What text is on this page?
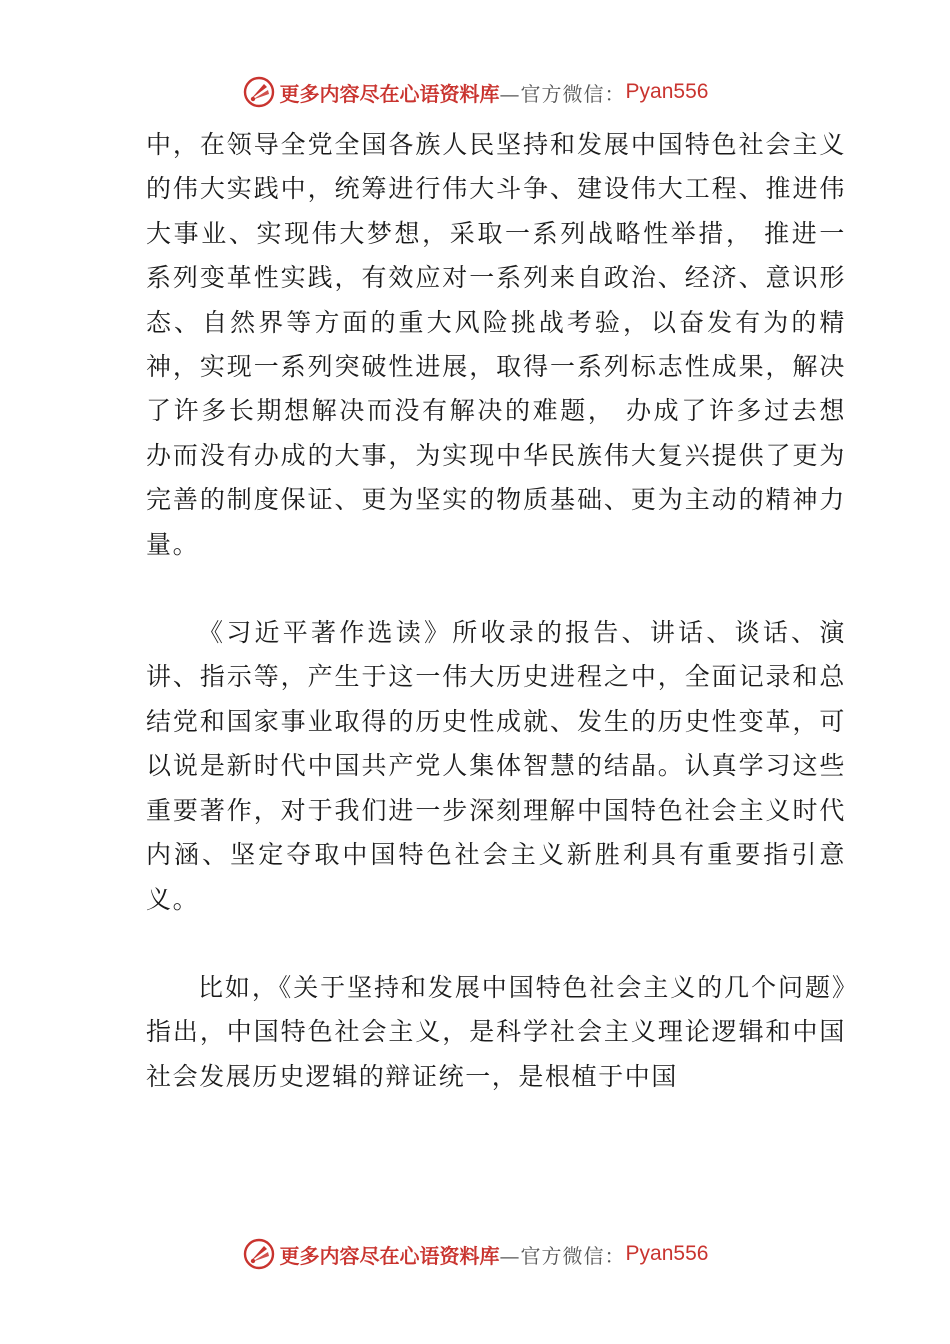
更多内容尽在心语资料库 —官方微信： Pyan556

中，在领导全党全国各族人民坚持和发展中国特色社会主义的伟大实践中，统筹进行伟大斗争、建设伟大工程、推进伟大事业、实现伟大梦想，采取一系列战略性举措， 推进一系列变革性实践，有效应对一系列来自政治、经济、意识形态、自然界等方面的重大风险挑战考验，以奋发有为的精神，实现一系列突破性进展，取得一系列标志性成果，解决了许多长期想解决而没有解决的难题， 办成了许多过去想办而没有办成的大事，为实现中华民族伟大复兴提供了更为完善的制度保证、更为坚实的物质基础、更为主动的精神力量。

《习近平著作选读》所收录的报告、讲话、谈话、演讲、指示等，产生于这一伟大历史进程之中，全面记录和总结党和国家事业取得的历史性成就、发生的历史性变革，可以说是新时代中国共产党人集体智慧的结晶。认真学习这些重要著作，对于我们进一步深刻理解中国特色社会主义时代内涵、坚定夺取中国特色社会主义新胜利具有重要指引意义。

比如，《关于坚持和发展中国特色社会主义的几个问题》指出，中国特色社会主义，是科学社会主义理论逻辑和中国社会发展历史逻辑的辩证统一，是根植于中国

更多内容尽在心语资料库 —官方微信： Pyan556
